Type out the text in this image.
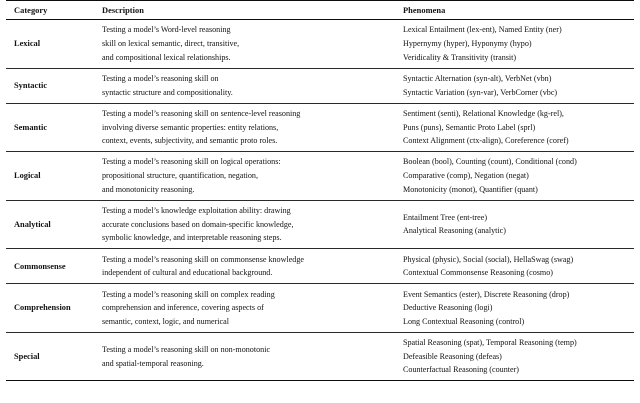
Category	Description	Phenomena
Lexical	Testing a model’s Word-level reasoning
skill on lexical semantic, direct, transitive,
and compositional lexical relationships.	Lexical Entailment (lex-ent), Named Entity (ner)
Hypernymy (hyper), Hyponymy (hypo)
Veridicality & Transitivity (transit)

Syntactic	Testing a model’s reasoning skill on
syntactic structure and compositionality.	Syntactic Alternation (syn-alt), VerbNet (vbn)
Syntactic Variation (syn-var), VerbCorner (vbc)

Semantic	Testing a model’s reasoning skill on sentence-level reasoning
involving diverse semantic properties: entity relations,
context, events, subjectivity, and semantic proto roles.	Sentiment (senti), Relational Knowledge (kg-rel),
Puns (puns), Semantic Proto Label (sprl)
Context Alignment (ctx-align), Coreference (coref)

Logical	Testing a model’s reasoning skill on logical operations:
propositional structure, quantification, negation,
and monotonicity reasoning.	Boolean (bool), Counting (count), Conditional (cond)
Comparative (comp), Negation (negat)
Monotonicity (monot), Quantifier (quant)

Analytical	Testing a model’s knowledge exploitation ability: drawing
accurate conclusions based on domain-specific knowledge,
symbolic knowledge, and interpretable reasoning steps.	Entailment Tree (ent-tree)
Analytical Reasoning (analytic)

Commonsense	Testing a model’s reasoning skill on commonsense knowledge
independent of cultural and educational background.	Physical (physic), Social (social), HellaSwag (swag)
Contextual Commonsense Reasoning (cosmo)

Comprehension	Testing a model’s reasoning skill on complex reading
comprehension and inference, covering aspects of
semantic, context, logic, and numerical	Event Semantics (ester), Discrete Reasoning (drop)
Deductive Reasoning (logi)
Long Contextual Reasoning (control)

Special	Testing a model’s reasoning skill on non-monotonic
and spatial-temporal reasoning.	Spatial Reasoning (spat), Temporal Reasoning (temp)
Defeasible Reasoning (defeas)
Counterfactual Reasoning (counter)
